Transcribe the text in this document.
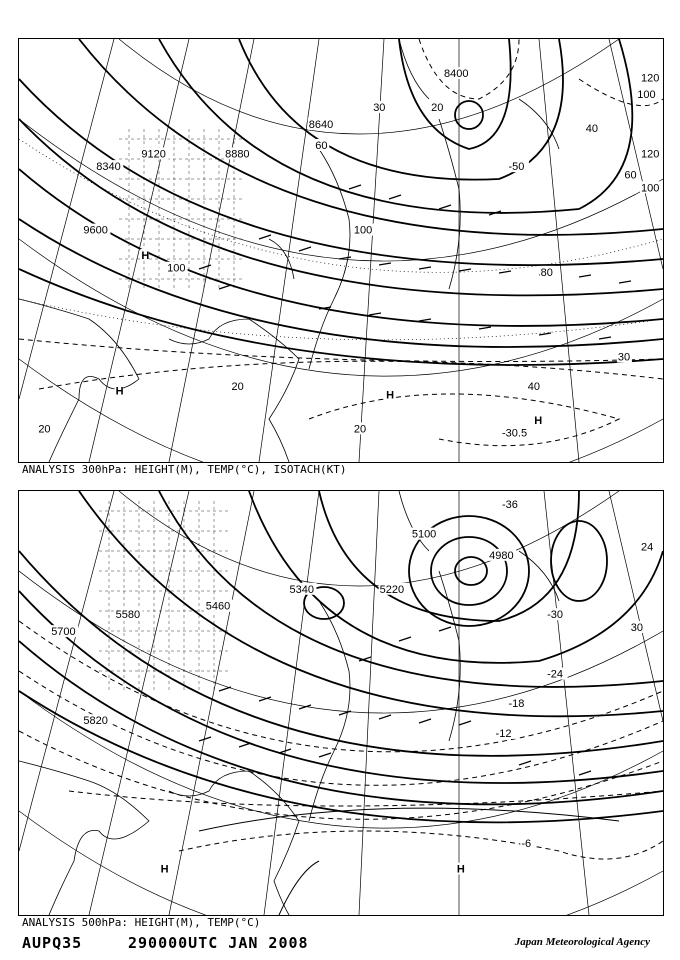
8400
8640
8880
8340
9120
9600	100
100	80
60
60
40
40
20
20
20
20
30
30
120
100
100
120
-50
-30.5
H	H
H
H
ANALYSIS 300hPa: HEIGHT(M), TEMP(°C), ISOTACH(KT)
5100
4980
5220
5340
5460
5580
5700
5820
-36
-30
-24
-18
-12
-6
30
24
H	H
ANALYSIS 500hPa: HEIGHT(M), TEMP(°C)
AUPQ35	290000UTC JAN 2008	Japan Meteorological Agency
